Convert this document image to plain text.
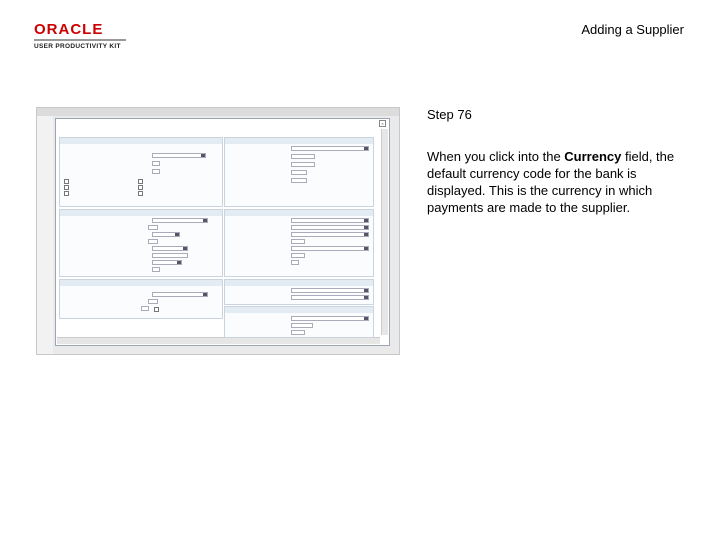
ORACLE
USER PRODUCTIVITY KIT
Adding a Supplier
×
Step 76
When you click into the Currency field, the default currency code for the bank is displayed. This is the currency in which payments are made to the supplier.
